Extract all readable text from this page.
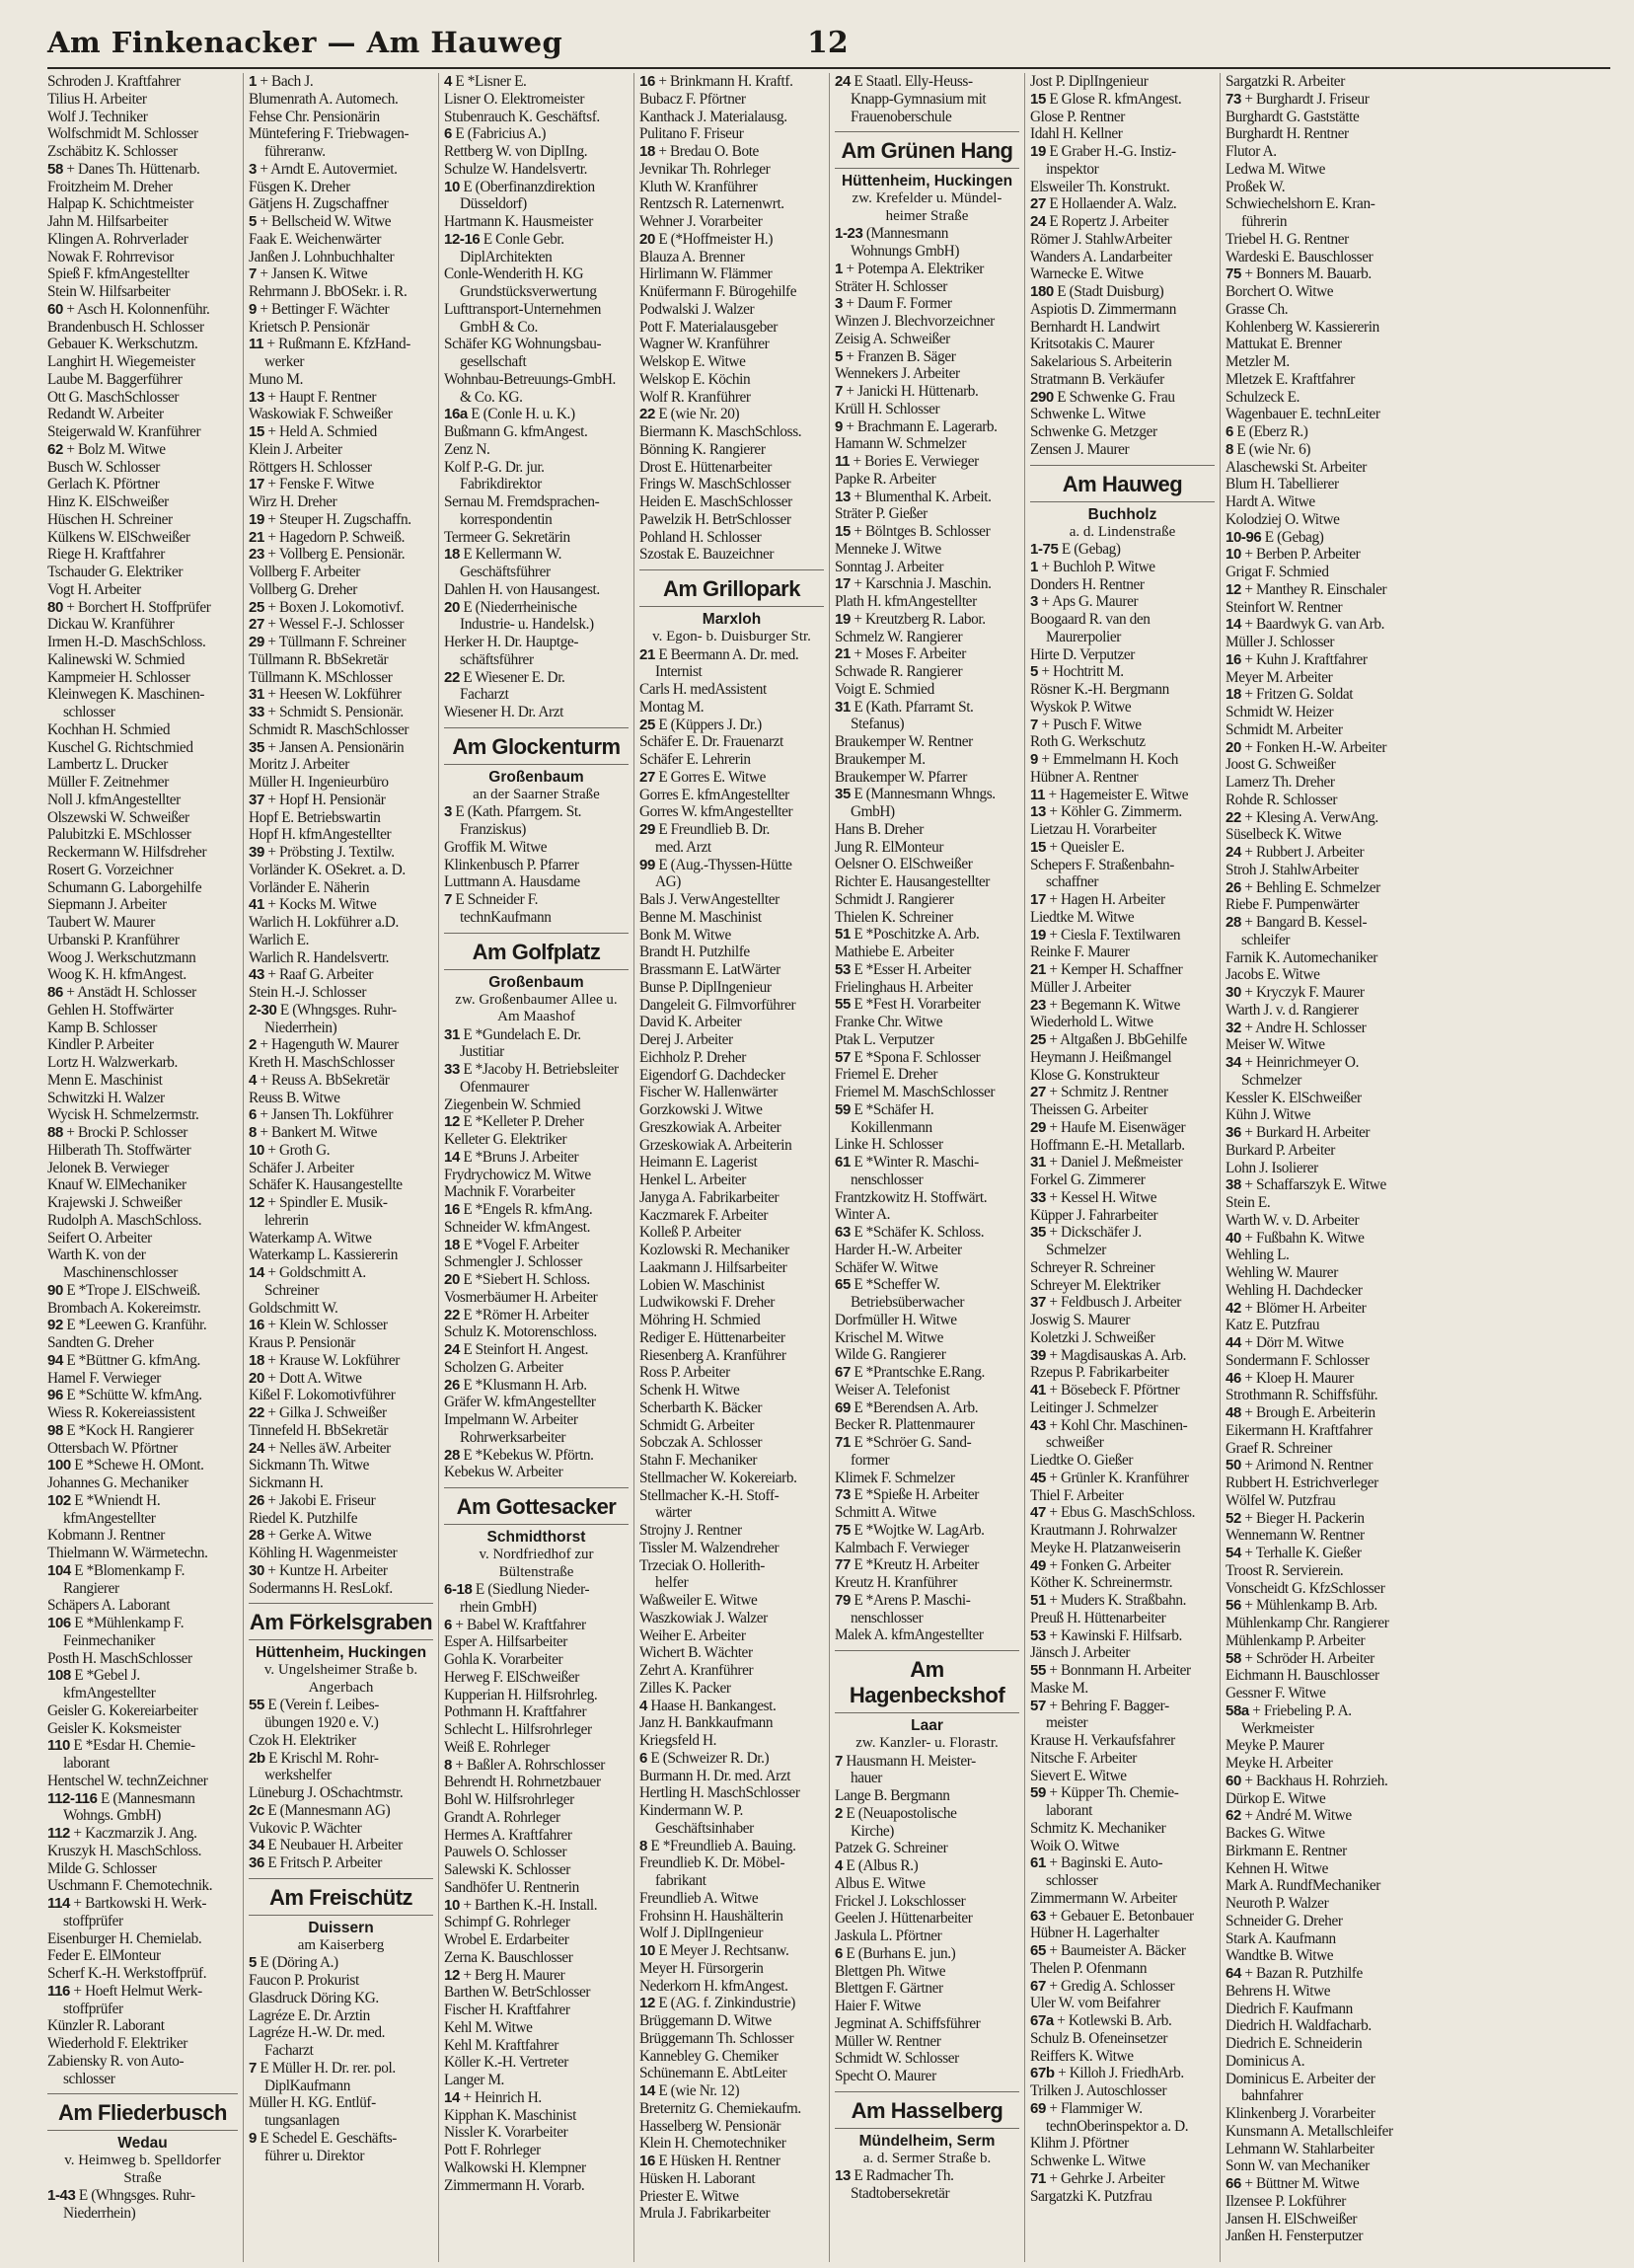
Am Finkenacker — Am Hauweg	12
Schroden J. Kraftfahrer
Tilius H. Arbeiter
Wolf J. Techniker
Wolfschmidt M. Schlosser
Zschäbitz K. Schlosser
58 + Danes Th. Hüttenarb.
Froitzheim M. Dreher
Halpap K. Schichtmeister
Jahn M. Hilfsarbeiter
Klingen A. Rohrverlader
Nowak F. Rohrrevisor
Spieß F. kfmAngestellter
Stein W. Hilfsarbeiter
60 + Asch H. Kolonnenführ.
Brandenbusch H. Schlosser
Gebauer K. Werkschutzm.
Langhirt H. Wiegemeister
Laube M. Baggerführer
Ott G. MaschSchlosser
Redandt W. Arbeiter
Steigerwald W. Kranführer
62 + Bolz M. Witwe
Busch W. Schlosser
Gerlach K. Pförtner
Hinz K. ElSchweißer
Hüschen H. Schreiner
Külkens W. ElSchweißer
Riege H. Kraftfahrer
Tschauder G. Elektriker
Vogt H. Arbeiter
80 + Borchert H. Stoffprüfer
Dickau W. Kranführer
Irmen H.-D. MaschSchloss.
Kalinewski W. Schmied
Kampmeier H. Schlosser
Kleinwegen K. Maschinen-
schlosser
Kochhan H. Schmied
Kuschel G. Richtschmied
Lambertz L. Drucker
Müller F. Zeitnehmer
Noll J. kfmAngestellter
Olszewski W. Schweißer
Palubitzki E. MSchlosser
Reckermann W. Hilfsdreher
Rosert G. Vorzeichner
Schumann G. Laborgehilfe
Siepmann J. Arbeiter
Taubert W. Maurer
Urbanski P. Kranführer
Woog J. Werkschutzmann
Woog K. H. kfmAngest.
86 + Anstädt H. Schlosser
Gehlen H. Stoffwärter
Kamp B. Schlosser
Kindler P. Arbeiter
Lortz H. Walzwerkarb.
Menn E. Maschinist
Schwitzki H. Walzer
Wycisk H. Schmelzermstr.
88 + Brocki P. Schlosser
Hilberath Th. Stoffwärter
Jelonek B. Verwieger
Knauf W. ElMechaniker
Krajewski J. Schweißer
Rudolph A. MaschSchloss.
Seifert O. Arbeiter
Warth K. von der
Maschinenschlosser
90 E *Trope J. ElSchweiß.
Brombach A. Kokereimstr.
92 E *Leewen G. Kranführ.
Sandten G. Dreher
94 E *Büttner G. kfmAng.
Hamel F. Verwieger
96 E *Schütte W. kfmAng.
Wiess R. Kokereiassistent
98 E *Kock H. Rangierer
Ottersbach W. Pförtner
100 E *Schewe H. OMont.
Johannes G. Mechaniker
102 E *Wniendt H.
kfmAngestellter
Kobmann J. Rentner
Thielmann W. Wärmetechn.
104 E *Blomenkamp F.
Rangierer
Schäpers A. Laborant
106 E *Mühlenkamp F.
Feinmechaniker
Posth H. MaschSchlosser
108 E *Gebel J.
kfmAngestellter
Geisler G. Kokereiarbeiter
Geisler K. Koksmeister
110 E *Esdar H. Chemie-
laborant
Hentschel W. technZeichner
112-116 E (Mannesmann
Wohngs. GmbH)
112 + Kaczmarzik J. Ang.
Kruszyk H. MaschSchloss.
Milde G. Schlosser
Uschmann F. Chemotechnik.
114 + Bartkowski H. Werk-
stoffprüfer
Eisenburger H. Chemielab.
Feder E. ElMonteur
Scherf K.-H. Werkstoffprüf.
116 + Hoeft Helmut Werk-
stoffprüfer
Künzler R. Laborant
Wiederhold F. Elektriker
Zabiensky R. von Auto-
schlosser
Am Fliederbusch
Wedau
v. Heimweg b. Spelldorfer
Straße
1-43 E (Whngsges. Ruhr-
Niederrhein)
1 + Bach J.
Blumenrath A. Automech.
Fehse Chr. Pensionärin
Müntefering F. Triebwagen-
führeranw.
3 + Arndt E. Autovermiet.
Füsgen K. Dreher
Gätjens H. Zugschaffner
5 + Bellscheid W. Witwe
Faak E. Weichenwärter
Janßen J. Lohnbuchhalter
7 + Jansen K. Witwe
Rehrmann J. BbOSekr. i. R.
9 + Bettinger F. Wächter
Krietsch P. Pensionär
11 + Rußmann E. KfzHand-
werker
Muno M.
13 + Haupt F. Rentner
Waskowiak F. Schweißer
15 + Held A. Schmied
Klein J. Arbeiter
Röttgers H. Schlosser
17 + Fenske F. Witwe
Wirz H. Dreher
19 + Steuper H. Zugschaffn.
21 + Hagedorn P. Schweiß.
23 + Vollberg E. Pensionär.
Vollberg F. Arbeiter
Vollberg G. Dreher
25 + Boxen J. Lokomotivf.
27 + Wessel F.-J. Schlosser
29 + Tüllmann F. Schreiner
Tüllmann R. BbSekretär
Tüllmann K. MSchlosser
31 + Heesen W. Lokführer
33 + Schmidt S. Pensionär.
Schmidt R. MaschSchlosser
35 + Jansen A. Pensionärin
Moritz J. Arbeiter
Müller H. Ingenieurbüro
37 + Hopf H. Pensionär
Hopf E. Betriebswartin
Hopf H. kfmAngestellter
39 + Pröbsting J. Textilw.
Vorländer K. OSekret. a. D.
Vorländer E. Näherin
41 + Kocks M. Witwe
Warlich H. Lokführer a.D.
Warlich E.
Warlich R. Handelsvertr.
43 + Raaf G. Arbeiter
Stein H.-J. Schlosser
2-30 E (Whngsges. Ruhr-
Niederrhein)
2 + Hagenguth W. Maurer
Kreth H. MaschSchlosser
4 + Reuss A. BbSekretär
Reuss B. Witwe
6 + Jansen Th. Lokführer
8 + Bankert M. Witwe
10 + Groth G.
Schäfer J. Arbeiter
Schäfer K. Hausangestellte
12 + Spindler E. Musik-
lehrerin
Waterkamp A. Witwe
Waterkamp L. Kassiererin
14 + Goldschmitt A.
Schreiner
Goldschmitt W.
16 + Klein W. Schlosser
Kraus P. Pensionär
18 + Krause W. Lokführer
20 + Dott A. Witwe
Kißel F. Lokomotivführer
22 + Gilka J. Schweißer
Tinnefeld H. BbSekretär
24 + Nelles äW. Arbeiter
Sickmann Th. Witwe
Sickmann H.
26 + Jakobi E. Friseur
Riedel K. Putzhilfe
28 + Gerke A. Witwe
Köhling H. Wagenmeister
30 + Kuntze H. Arbeiter
Sodermanns H. ResLokf.
Am Förkelsgraben
Hüttenheim, Huckingen
v. Ungelsheimer Straße b.
Angerbach
55 E (Verein f. Leibes-
übungen 1920 e. V.)
Czok H. Elektriker
2b E Krischl M. Rohr-
werkshelfer
Lüneburg J. OSchachtmstr.
2c E (Mannesmann AG)
Vukovic P. Wächter
34 E Neubauer H. Arbeiter
36 E Fritsch P. Arbeiter
Am Freischütz
Duissern
am Kaiserberg
5 E (Döring A.)
Faucon P. Prokurist
Glasdruck Döring KG.
Lagréze E. Dr. Arztin
Lagréze H.-W. Dr. med.
Facharzt
7 E Müller H. Dr. rer. pol.
DiplKaufmann
Müller H. KG. Entlüf-
tungsanlagen
9 E Schedel E. Geschäfts-
führer u. Direktor
4 E *Lisner E.
Lisner O. Elektromeister
Stubenrauch K. Geschäftsf.
6 E (Fabricius A.)
Rettberg W. von DiplIng.
Schulze W. Handelsvertr.
10 E (Oberfinanzdirektion
Düsseldorf)
Hartmann K. Hausmeister
12-16 E Conle Gebr.
DiplArchitekten
Conle-Wenderith H. KG
Grundstücksverwertung
Lufttransport-Unternehmen
GmbH & Co.
Schäfer KG Wohnungsbau-
gesellschaft
Wohnbau-Betreuungs-GmbH.
& Co. KG.
16a E (Conle H. u. K.)
Bußmann G. kfmAngest.
Zenz N.
Kolf P.-G. Dr. jur.
Fabrikdirektor
Sernau M. Fremdsprachen-
korrespondentin
Termeer G. Sekretärin
18 E Kellermann W.
Geschäftsführer
Dahlen H. von Hausangest.
20 E (Niederrheinische
Industrie- u. Handelsk.)
Herker H. Dr. Hauptge-
schäftsführer
22 E Wiesener E. Dr.
Facharzt
Wiesener H. Dr. Arzt
Am Glockenturm
Großenbaum
an der Saarner Straße
3 E (Kath. Pfarrgem. St.
Franziskus)
Groffik M. Witwe
Klinkenbusch P. Pfarrer
Luttmann A. Hausdame
7 E Schneider F.
technKaufmann
Am Golfplatz
Großenbaum
zw. Großenbaumer Allee u.
Am Maashof
31 E *Gundelach E. Dr.
Justitiar
33 E *Jacoby H. Betriebsleiter
Ofenmaurer
Ziegenbein W. Schmied
12 E *Kelleter P. Dreher
Kelleter G. Elektriker
14 E *Bruns J. Arbeiter
Frydrychowicz M. Witwe
Machnik F. Vorarbeiter
16 E *Engels R. kfmAng.
Schneider W. kfmAngest.
18 E *Vogel F. Arbeiter
Schmengler J. Schlosser
20 E *Siebert H. Schloss.
Vosmerbäumer H. Arbeiter
22 E *Römer H. Arbeiter
Schulz K. Motorenschloss.
24 E Steinfort H. Angest.
Scholzen G. Arbeiter
26 E *Klusmann H. Arb.
Gräfer W. kfmAngestellter
Impelmann W. Arbeiter
Rohrwerksarbeiter
28 E *Kebekus W. Pförtn.
Kebekus W. Arbeiter
Am Gottesacker
Schmidthorst
v. Nordfriedhof zur
Bültenstraße
6-18 E (Siedlung Nieder-
rhein GmbH)
6 + Babel W. Kraftfahrer
Esper A. Hilfsarbeiter
Gohla K. Vorarbeiter
Herweg F. ElSchweißer
Kupperian H. Hilfsrohrleg.
Pothmann H. Kraftfahrer
Schlecht L. Hilfsrohrleger
Weiß E. Rohrleger
8 + Baßler A. Rohrschlosser
Behrendt H. Rohrnetzbauer
Bohl W. Hilfsrohrleger
Grandt A. Rohrleger
Hermes A. Kraftfahrer
Pauwels O. Schlosser
Salewski K. Schlosser
Sandhöfer U. Rentnerin
10 + Barthen K.-H. Install.
Schimpf G. Rohrleger
Wrobel E. Erdarbeiter
Zerna K. Bauschlosser
12 + Berg H. Maurer
Barthen W. BetrSchlosser
Fischer H. Kraftfahrer
Kehl M. Witwe
Kehl M. Kraftfahrer
Köller K.-H. Vertreter
Langer M.
14 + Heinrich H.
Kipphan K. Maschinist
Nissler K. Vorarbeiter
Pott F. Rohrleger
Walkowski H. Klempner
Zimmermann H. Vorarb.
16 + Brinkmann H. Kraftf.
Bubacz F. Pförtner
Kanthack J. Materialausg.
Pulitano F. Friseur
18 + Bredau O. Bote
Jevnikar Th. Rohrleger
Kluth W. Kranführer
Rentzsch R. Laternenwrt.
Wehner J. Vorarbeiter
20 E (*Hoffmeister H.)
Blauza A. Brenner
Hirlimann W. Flämmer
Knüfermann F. Bürogehilfe
Podwalski J. Walzer
Pott F. Materialausgeber
Wagner W. Kranführer
Welskop E. Witwe
Welskop E. Köchin
Wolf R. Kranführer
22 E (wie Nr. 20)
Biermann K. MaschSchloss.
Bönning K. Rangierer
Drost E. Hüttenarbeiter
Frings W. MaschSchlosser
Heiden E. MaschSchlosser
Pawelzik H. BetrSchlosser
Pohland H. Schlosser
Szostak E. Bauzeichner
Am Grillopark
Marxloh
v. Egon- b. Duisburger Str.
21 E Beermann A. Dr. med.
Internist
Carls H. medAssistent
Montag M.
25 E (Küppers J. Dr.)
Schäfer E. Dr. Frauenarzt
Schäfer E. Lehrerin
27 E Gorres E. Witwe
Gorres E. kfmAngestellter
Gorres W. kfmAngestellter
29 E Freundlieb B. Dr.
med. Arzt
99 E (Aug.-Thyssen-Hütte
AG)
Bals J. VerwAngestellter
Benne M. Maschinist
Bonk M. Witwe
Brandt H. Putzhilfe
Brassmann E. LatWärter
Bunse P. DiplIngenieur
Dangeleit G. Filmvorführer
David K. Arbeiter
Derej J. Arbeiter
Eichholz P. Dreher
Eigendorf G. Dachdecker
Fischer W. Hallenwärter
Gorzkowski J. Witwe
Greszkowiak A. Arbeiter
Grzeskowiak A. Arbeiterin
Heimann E. Lagerist
Henkel L. Arbeiter
Janyga A. Fabrikarbeiter
Kaczmarek F. Arbeiter
Kolleß P. Arbeiter
Kozlowski R. Mechaniker
Laakmann J. Hilfsarbeiter
Lobien W. Maschinist
Ludwikowski F. Dreher
Möhring H. Schmied
Rediger E. Hüttenarbeiter
Riesenberg A. Kranführer
Ross P. Arbeiter
Schenk H. Witwe
Scherbarth K. Bäcker
Schmidt G. Arbeiter
Sobczak A. Schlosser
Stahn F. Mechaniker
Stellmacher W. Kokereiarb.
Stellmacher K.-H. Stoff-
wärter
Strojny J. Rentner
Tissler M. Walzendreher
Trzeciak O. Hollerith-
helfer
Waßweiler E. Witwe
Waszkowiak J. Walzer
Weiher E. Arbeiter
Wichert B. Wächter
Zehrt A. Kranführer
Zilles K. Packer
4 Haase H. Bankangest.
Janz H. Bankkaufmann
Kriegsfeld H.
6 E (Schweizer R. Dr.)
Burmann H. Dr. med. Arzt
Hertling H. MaschSchlosser
Kindermann W. P.
Geschäftsinhaber
8 E *Freundlieb A. Bauing.
Freundlieb K. Dr. Möbel-
fabrikant
Freundlieb A. Witwe
Frohsinn H. Haushälterin
Wolf J. DiplIngenieur
10 E Meyer J. Rechtsanw.
Meyer H. Fürsorgerin
Nederkorn H. kfmAngest.
12 E (AG. f. Zinkindustrie)
Brüggemann D. Witwe
Brüggemann Th. Schlosser
Kannebley G. Chemiker
Schünemann E. AbtLeiter
14 E (wie Nr. 12)
Breternitz G. Chemiekaufm.
Hasselberg W. Pensionär
Klein H. Chemotechniker
16 E Hüsken H. Rentner
Hüsken H. Laborant
Priester E. Witwe
Mrula J. Fabrikarbeiter
24 E Staatl. Elly-Heuss-
Knapp-Gymnasium mit
Frauenoberschule
Am Grünen Hang
Hüttenheim, Huckingen
zw. Krefelder u. Mündel-
heimer Straße
1-23 (Mannesmann
Wohnungs GmbH)
1 + Potempa A. Elektriker
Sträter H. Schlosser
3 + Daum F. Former
Winzen J. Blechvorzeichner
Zeisig A. Schweißer
5 + Franzen B. Säger
Wennekers J. Arbeiter
7 + Janicki H. Hüttenarb.
Krüll H. Schlosser
9 + Brachmann E. Lagerarb.
Hamann W. Schmelzer
11 + Bories E. Verwieger
Papke R. Arbeiter
13 + Blumenthal K. Arbeit.
Sträter P. Gießer
15 + Bölntges B. Schlosser
Menneke J. Witwe
Sonntag J. Arbeiter
17 + Karschnia J. Maschin.
Plath H. kfmAngestellter
19 + Kreutzberg R. Labor.
Schmelz W. Rangierer
21 + Moses F. Arbeiter
Schwade R. Rangierer
Voigt E. Schmied
31 E (Kath. Pfarramt St.
Stefanus)
Braukemper W. Rentner
Braukemper M.
Braukemper W. Pfarrer
35 E (Mannesmann Whngs.
GmbH)
Hans B. Dreher
Jung R. ElMonteur
Oelsner O. ElSchweißer
Richter E. Hausangestellter
Schmidt J. Rangierer
Thielen K. Schreiner
51 E *Poschitzke A. Arb.
Mathiebe E. Arbeiter
53 E *Esser H. Arbeiter
Frielinghaus H. Arbeiter
55 E *Fest H. Vorarbeiter
Franke Chr. Witwe
Ptak L. Verputzer
57 E *Spona F. Schlosser
Friemel E. Dreher
Friemel M. MaschSchlosser
59 E *Schäfer H.
Kokillenmann
Linke H. Schlosser
61 E *Winter R. Maschi-
nenschlosser
Frantzkowitz H. Stoffwärt.
Winter A.
63 E *Schäfer K. Schloss.
Harder H.-W. Arbeiter
Schäfer W. Witwe
65 E *Scheffer W.
Betriebsüberwacher
Dorfmüller H. Witwe
Krischel M. Witwe
Wilde G. Rangierer
67 E *Prantschke E.Rang.
Weiser A. Telefonist
69 E *Berendsen A. Arb.
Becker R. Plattenmaurer
71 E *Schröer G. Sand-
former
Klimek F. Schmelzer
73 E *Spieße H. Arbeiter
Schmitt A. Witwe
75 E *Wojtke W. LagArb.
Kalmbach F. Verwieger
77 E *Kreutz H. Arbeiter
Kreutz H. Kranführer
79 E *Arens P. Maschi-
nenschlosser
Malek A. kfmAngestellter
Am Hagenbeckshof
Laar
zw. Kanzler- u. Florastr.
7 Hausmann H. Meister-
hauer
Lange B. Bergmann
2 E (Neuapostolische
Kirche)
Patzek G. Schreiner
4 E (Albus R.)
Albus E. Witwe
Frickel J. Lokschlosser
Geelen J. Hüttenarbeiter
Jaskula L. Pförtner
6 E (Burhans E. jun.)
Blettgen Ph. Witwe
Blettgen F. Gärtner
Haier F. Witwe
Jegminat A. Schiffsführer
Müller W. Rentner
Schmidt W. Schlosser
Specht O. Maurer
Am Hasselberg
Mündelheim, Serm
a. d. Sermer Straße b.
13 E Radmacher Th.
Stadtobersekretär
Jost P. DiplIngenieur
15 E Glose R. kfmAngest.
Glose P. Rentner
Idahl H. Kellner
19 E Graber H.-G. Instiz-
inspektor
Elsweiler Th. Konstrukt.
27 E Hollaender A. Walz.
24 E Ropertz J. Arbeiter
Römer J. StahlwArbeiter
Wanders A. Landarbeiter
Warnecke E. Witwe
180 E (Stadt Duisburg)
Aspiotis D. Zimmermann
Bernhardt H. Landwirt
Kritsotakis C. Maurer
Sakelarious S. Arbeiterin
Stratmann B. Verkäufer
290 E Schwenke G. Frau
Schwenke L. Witwe
Schwenke G. Metzger
Zensen J. Maurer
Am Hauweg
Buchholz
a. d. Lindenstraße
1-75 E (Gebag)
1 + Buchloh P. Witwe
Donders H. Rentner
3 + Aps G. Maurer
Boogaard R. van den
Maurerpolier
Hirte D. Verputzer
5 + Hochtritt M.
Rösner K.-H. Bergmann
Wyskok P. Witwe
7 + Pusch F. Witwe
Roth G. Werkschutz
9 + Emmelmann H. Koch
Hübner A. Rentner
11 + Hagemeister E. Witwe
13 + Köhler G. Zimmerm.
Lietzau H. Vorarbeiter
15 + Queisler E.
Schepers F. Straßenbahn-
schaffner
17 + Hagen H. Arbeiter
Liedtke M. Witwe
19 + Ciesla F. Textilwaren
Reinke F. Maurer
21 + Kemper H. Schaffner
Müller J. Arbeiter
23 + Begemann K. Witwe
Wiederhold L. Witwe
25 + Altgaßen J. BbGehilfe
Heymann J. Heißmangel
Klose G. Konstrukteur
27 + Schmitz J. Rentner
Theissen G. Arbeiter
29 + Haufe M. Eisenwäger
Hoffmann E.-H. Metallarb.
31 + Daniel J. Meßmeister
Forkel G. Zimmerer
33 + Kessel H. Witwe
Küpper J. Fahrarbeiter
35 + Dickschäfer J.
Schmelzer
Schreyer R. Schreiner
Schreyer M. Elektriker
37 + Feldbusch J. Arbeiter
Joswig S. Maurer
Koletzki J. Schweißer
39 + Magdisauskas A. Arb.
Rzepus P. Fabrikarbeiter
41 + Bösebeck F. Pförtner
Leitinger J. Schmelzer
43 + Kohl Chr. Maschinen-
schweißer
Liedtke O. Gießer
45 + Grünler K. Kranführer
Thiel F. Arbeiter
47 + Ebus G. MaschSchloss.
Krautmann J. Rohrwalzer
Meyke H. Platzanweiserin
49 + Fonken G. Arbeiter
Köther K. Schreinermstr.
51 + Muders K. Straßbahn.
Preuß H. Hüttenarbeiter
53 + Kawinski F. Hilfsarb.
Jänsch J. Arbeiter
55 + Bonnmann H. Arbeiter
Maske M.
57 + Behring F. Bagger-
meister
Krause H. Verkaufsfahrer
Nitsche F. Arbeiter
Sievert E. Witwe
59 + Küpper Th. Chemie-
laborant
Schmitz K. Mechaniker
Woik O. Witwe
61 + Baginski E. Auto-
schlosser
Zimmermann W. Arbeiter
63 + Gebauer E. Betonbauer
Hübner H. Lagerhalter
65 + Baumeister A. Bäcker
Thelen P. Ofenmann
67 + Gredig A. Schlosser
Uler W. vom Beifahrer
67a + Kotlewski B. Arb.
Schulz B. Ofeneinsetzer
Reiffers K. Witwe
67b + Killoh J. FriedhArb.
Trilken J. Autoschlosser
69 + Flammiger W.
technOberinspektor a. D.
Klihm J. Pförtner
Schwenke L. Witwe
71 + Gehrke J. Arbeiter
Sargatzki K. Putzfrau
Sargatzki R. Arbeiter
73 + Burghardt J. Friseur
Burghardt G. Gaststätte
Burghardt H. Rentner
Flutor A.
Ledwa M. Witwe
Proßek W.
Schwiechelshorn E. Kran-
führerin
Triebel H. G. Rentner
Wardeski E. Bauschlosser
75 + Bonners M. Bauarb.
Borchert O. Witwe
Grasse Ch.
Kohlenberg W. Kassiererin
Mattukat E. Brenner
Metzler M.
Mletzek E. Kraftfahrer
Schulzeck E.
Wagenbauer E. technLeiter
6 E (Eberz R.)
8 E (wie Nr. 6)
Alaschewski St. Arbeiter
Blum H. Tabellierer
Hardt A. Witwe
Kolodziej O. Witwe
10-96 E (Gebag)
10 + Berben P. Arbeiter
Grigat F. Schmied
12 + Manthey R. Einschaler
Steinfort W. Rentner
14 + Baardwyk G. van Arb.
Müller J. Schlosser
16 + Kuhn J. Kraftfahrer
Meyer M. Arbeiter
18 + Fritzen G. Soldat
Schmidt W. Heizer
Schmidt M. Arbeiter
20 + Fonken H.-W. Arbeiter
Joost G. Schweißer
Lamerz Th. Dreher
Rohde R. Schlosser
22 + Klesing A. VerwAng.
Süselbeck K. Witwe
24 + Rubbert J. Arbeiter
Stroh J. StahlwArbeiter
26 + Behling E. Schmelzer
Riebe F. Pumpenwärter
28 + Bangard B. Kessel-
schleifer
Farnik K. Automechaniker
Jacobs E. Witwe
30 + Kryczyk F. Maurer
Warth J. v. d. Rangierer
32 + Andre H. Schlosser
Meiser W. Witwe
34 + Heinrichmeyer O.
Schmelzer
Kessler K. ElSchweißer
Kühn J. Witwe
36 + Burkard H. Arbeiter
Burkard P. Arbeiter
Lohn J. Isolierer
38 + Schaffarszyk E. Witwe
Stein E.
Warth W. v. D. Arbeiter
40 + Fußbahn K. Witwe
Wehling L.
Wehling W. Maurer
Wehling H. Dachdecker
42 + Blömer H. Arbeiter
Katz E. Putzfrau
44 + Dörr M. Witwe
Sondermann F. Schlosser
46 + Kloep H. Maurer
Strothmann R. Schiffsführ.
48 + Brough E. Arbeiterin
Eikermann H. Kraftfahrer
Graef R. Schreiner
50 + Arimond N. Rentner
Rubbert H. Estrichverleger
Wölfel W. Putzfrau
52 + Bieger H. Packerin
Wennemann W. Rentner
54 + Terhalle K. Gießer
Troost R. Servierein.
Vonscheidt G. KfzSchlosser
56 + Mühlenkamp B. Arb.
Mühlenkamp Chr. Rangierer
Mühlenkamp P. Arbeiter
58 + Schröder H. Arbeiter
Eichmann H. Bauschlosser
Gessner F. Witwe
58a + Friebeling P. A.
Werkmeister
Meyke P. Maurer
Meyke H. Arbeiter
60 + Backhaus H. Rohrzieh.
Dürkop E. Witwe
62 + André M. Witwe
Backes G. Witwe
Birkmann E. Rentner
Kehnen H. Witwe
Mark A. RundfMechaniker
Neuroth P. Walzer
Schneider G. Dreher
Stark A. Kaufmann
Wandtke B. Witwe
64 + Bazan R. Putzhilfe
Behrens H. Witwe
Diedrich F. Kaufmann
Diedrich H. Waldfacharb.
Diedrich E. Schneiderin
Dominicus A.
Dominicus E. Arbeiter der
bahnfahrer
Klinkenberg J. Vorarbeiter
Kunsmann A. Metallschleifer
Lehmann W. Stahlarbeiter
Sonn W. van Mechaniker
66 + Büttner M. Witwe
Ilzensee P. Lokführer
Jansen H. ElSchweißer
Janßen H. Fensterputzer
